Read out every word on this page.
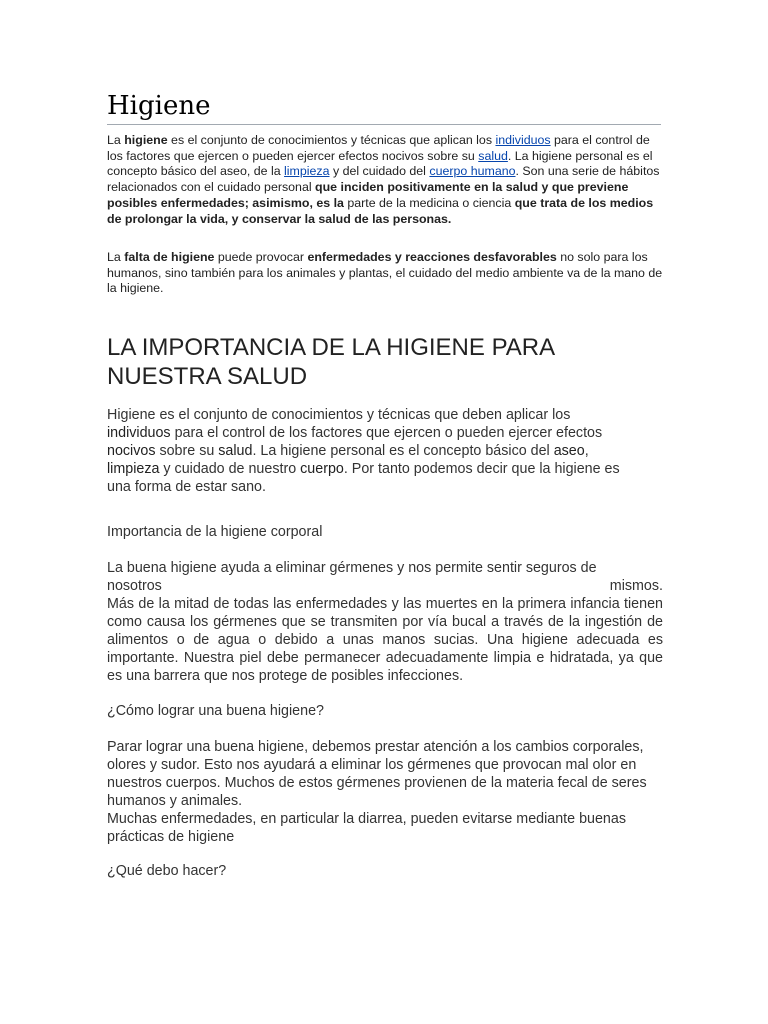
Higiene

La higiene es el conjunto de conocimientos y técnicas que aplican los individuos para el control de los factores que ejercen o pueden ejercer efectos nocivos sobre su salud. La higiene personal es el concepto básico del aseo, de la limpieza y del cuidado del cuerpo humano. Son una serie de hábitos relacionados con el cuidado personal que inciden positivamente en la salud y que previene posibles enfermedades; asimismo, es la parte de la medicina o ciencia que trata de los medios de prolongar la vida, y conservar la salud de las personas.

La falta de higiene puede provocar enfermedades y reacciones desfavorables no solo para los humanos, sino también para los animales y plantas, el cuidado del medio ambiente va de la mano de la higiene.

LA IMPORTANCIA DE LA HIGIENE PARA NUESTRA SALUD

Higiene es el conjunto de conocimientos y técnicas que deben aplicar los individuos para el control de los factores que ejercen o pueden ejercer efectos nocivos sobre su salud. La higiene personal es el concepto básico del aseo, limpieza y cuidado de nuestro cuerpo. Por tanto podemos decir que la higiene es una forma de estar sano.

Importancia de la higiene corporal

La buena higiene ayuda a eliminar gérmenes y nos permite sentir seguros de
nosotros	mismos.
Más de la mitad de todas las enfermedades y las muertes en la primera infancia tienen como causa los gérmenes que se transmiten por vía bucal a través de la ingestión de alimentos o de agua o debido a unas manos sucias. Una higiene adecuada es importante. Nuestra piel debe permanecer adecuadamente limpia e hidratada, ya que es una barrera que nos protege de posibles infecciones.

¿Cómo lograr una buena higiene?

Parar lograr una buena higiene, debemos prestar atención a los cambios corporales, olores y sudor. Esto nos ayudará a eliminar los gérmenes que provocan mal olor en nuestros cuerpos. Muchos de estos gérmenes provienen de la materia fecal de seres humanos y animales.
Muchas enfermedades, en particular la diarrea, pueden evitarse mediante buenas prácticas de higiene

¿Qué debo hacer?
